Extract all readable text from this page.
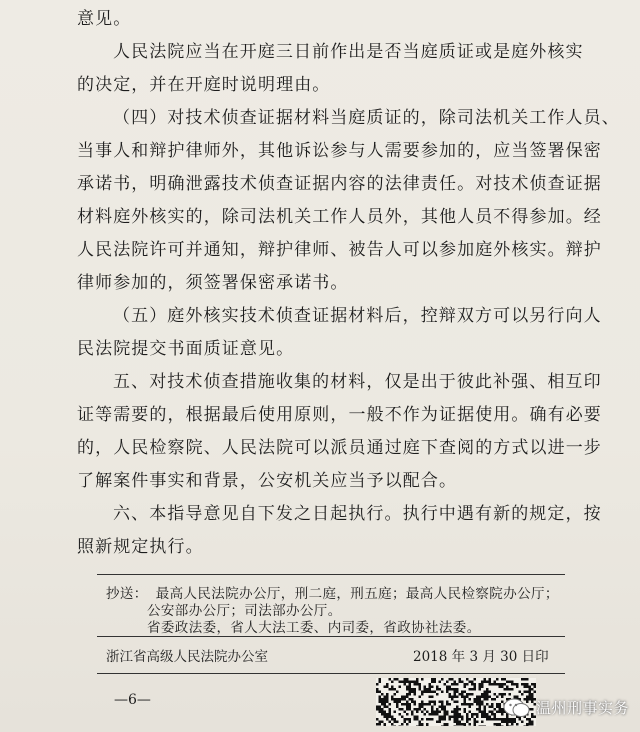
意见。
人民法院应当在开庭三日前作出是否当庭质证或是庭外核实
的决定，并在开庭时说明理由。
（四）对技术侦查证据材料当庭质证的，除司法机关工作人员、
当事人和辩护律师外，其他诉讼参与人需要参加的，应当签署保密
承诺书，明确泄露技术侦查证据内容的法律责任。对技术侦查证据
材料庭外核实的，除司法机关工作人员外，其他人员不得参加。经
人民法院许可并通知，辩护律师、被告人可以参加庭外核实。辩护
律师参加的，须签署保密承诺书。
（五）庭外核实技术侦查证据材料后，控辩双方可以另行向人
民法院提交书面质证意见。
五、对技术侦查措施收集的材料，仅是出于彼此补强、相互印
证等需要的，根据最后使用原则，一般不作为证据使用。确有必要
的，人民检察院、人民法院可以派员通过庭下查阅的方式以进一步
了解案件事实和背景，公安机关应当予以配合。
六、本指导意见自下发之日起执行。执行中遇有新的规定，按
照新规定执行。
抄送： 最高人民法院办公厅，刑二庭，刑五庭；最高人民检察院办公厅；
公安部办公厅；司法部办公厅。
省委政法委，省人大法工委、内司委，省政协社法委。
浙江省高级人民法院办公室	2018 年 3 月 30 日印
—6—	温州刑事实务
